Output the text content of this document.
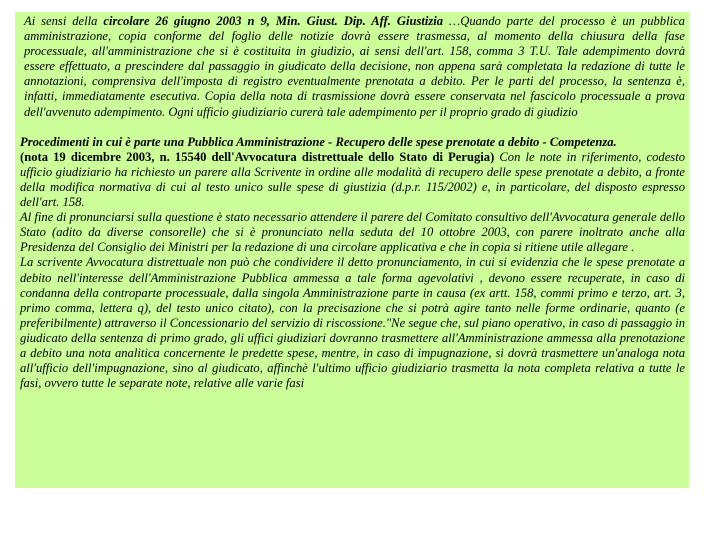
Ai sensi della circolare 26 giugno 2003 n 9, Min. Giust. Dip. Aff. Giustizia …Quando parte del processo è un pubblica amministrazione, copia conforme del foglio delle notizie dovrà essere trasmessa, al momento della chiusura della fase processuale, all'amministrazione che si è costituita in giudizio, ai sensi dell'art. 158, comma 3 T.U. Tale adempimento dovrà essere effettuato, a prescindere dal passaggio in giudicato della decisione, non appena sarà completata la redazione di tutte le annotazioni, comprensiva dell'imposta di registro eventualmente prenotata a debito. Per le parti del processo, la sentenza è, infatti, immediatamente esecutiva. Copia della nota di trasmissione dovrà essere conservata nel fascicolo processuale a prova dell'avvenuto adempimento. Ogni ufficio giudiziario curerà tale adempimento per il proprio grado di giudizio

Procedimenti in cui è parte una Pubblica Amministrazione - Recupero delle spese prenotate a debito - Competenza.
(nota 19 dicembre 2003, n. 15540 dell'Avvocatura distrettuale dello Stato di Perugia) Con le note in riferimento, codesto ufficio giudiziario ha richiesto un parere alla Scrivente in ordine alle modalità di recupero delle spese prenotate a debito, a fronte della modifica normativa di cui al testo unico sulle spese di giustizia (d.p.r. 115/2002) e, in particolare, del disposto espresso dell'art. 158.

Al fine di pronunciarsi sulla questione è stato necessario attendere il parere del Comitato consultivo dell'Avvocatura generale dello Stato (adito da diverse consorelle) che si è pronunciato nella seduta del 10 ottobre 2003, con parere inoltrato anche alla Presidenza del Consiglio dei Ministri per la redazione di una circolare applicativa e che in copia si ritiene utile allegare .

La scrivente Avvocatura distrettuale non può che condividere il detto pronunciamento, in cui si evidenzia che le spese prenotate a debito nell'interesse dell'Amministrazione Pubblica ammessa a tale forma agevolativi , devono essere recuperate, in caso di condanna della controparte processuale, dalla singola Amministrazione parte in causa (ex artt. 158, commi primo e terzo, art. 3, primo comma, lettera q), del testo unico citato), con la precisazione che si potrà agire tanto nelle forme ordinarie, quanto (e preferibilmente) attraverso il Concessionario del servizio di riscossione."Ne segue che, sul piano operativo, in caso di passaggio in giudicato della sentenza di primo grado, gli uffici giudiziari dovranno trasmettere all'Amministrazione ammessa alla prenotazione a debito una nota analitica concernente le predette spese, mentre, in caso di impugnazione, si dovrà trasmettere un'analoga nota all'ufficio dell'impugnazione, sino al giudicato, affinchè l'ultimo ufficio giudiziario trasmetta la nota completa relativa a tutte le fasi, ovvero tutte le separate note, relative alle varie fasi
